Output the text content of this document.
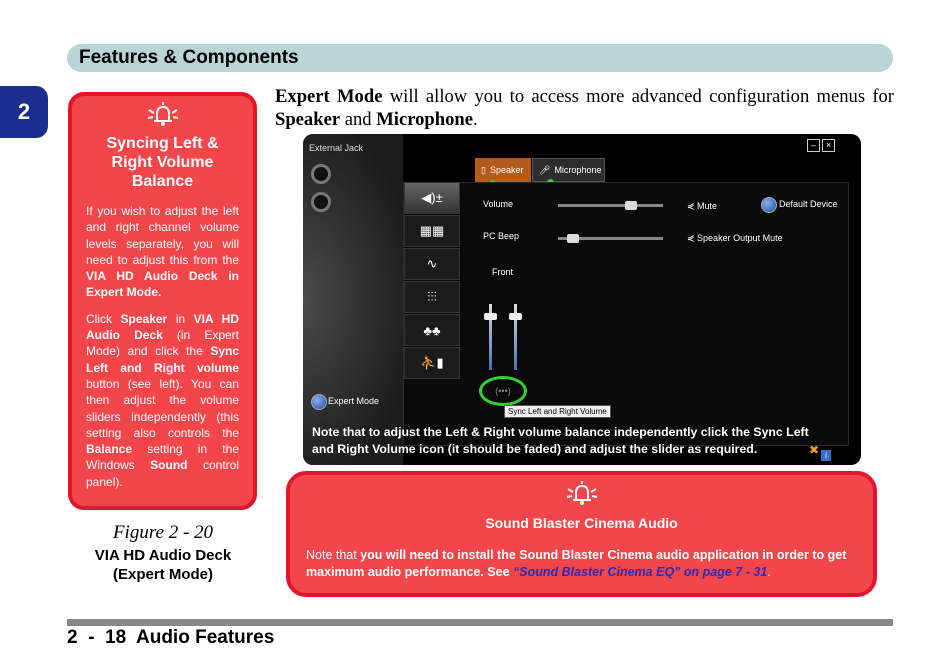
Features & Components
2
Syncing Left & Right Volume Balance

If you wish to adjust the left and right channel volume levels separately, you will need to adjust this from the VIA HD Audio Deck in Expert Mode.

Click Speaker in VIA HD Audio Deck (in Expert Mode) and click the Sync Left and Right volume button (see left). You can then adjust the volume sliders independently (this setting also controls the Balance setting in the Windows Sound control panel).

Figure 2 - 20
VIA HD Audio Deck (Expert Mode)
Expert Mode will allow you to access more advanced configuration menus for Speaker and Microphone.
External Jack	–	×
▯ Speaker 🎤︎ Microphone
◀)±
▦▦
∿
⫶⫶⫶
♣♣
⛹▮
Volume
PC Beep
⋞ Mute
⋞ Speaker Output Mute
Default Device
Front
(•••)
Sync Left and Right Volume
Expert Mode
Note that to adjust the Left & Right volume balance independently click the Sync Left and Right Volume icon (it should be faded) and adjust the slider as required.	✖ i
Sound Blaster Cinema Audio

Note that you will need to install the Sound Blaster Cinema audio application in order to get maximum audio performance. See “Sound Blaster Cinema EQ” on page 7 - 31.

2  -  18  Audio Features
